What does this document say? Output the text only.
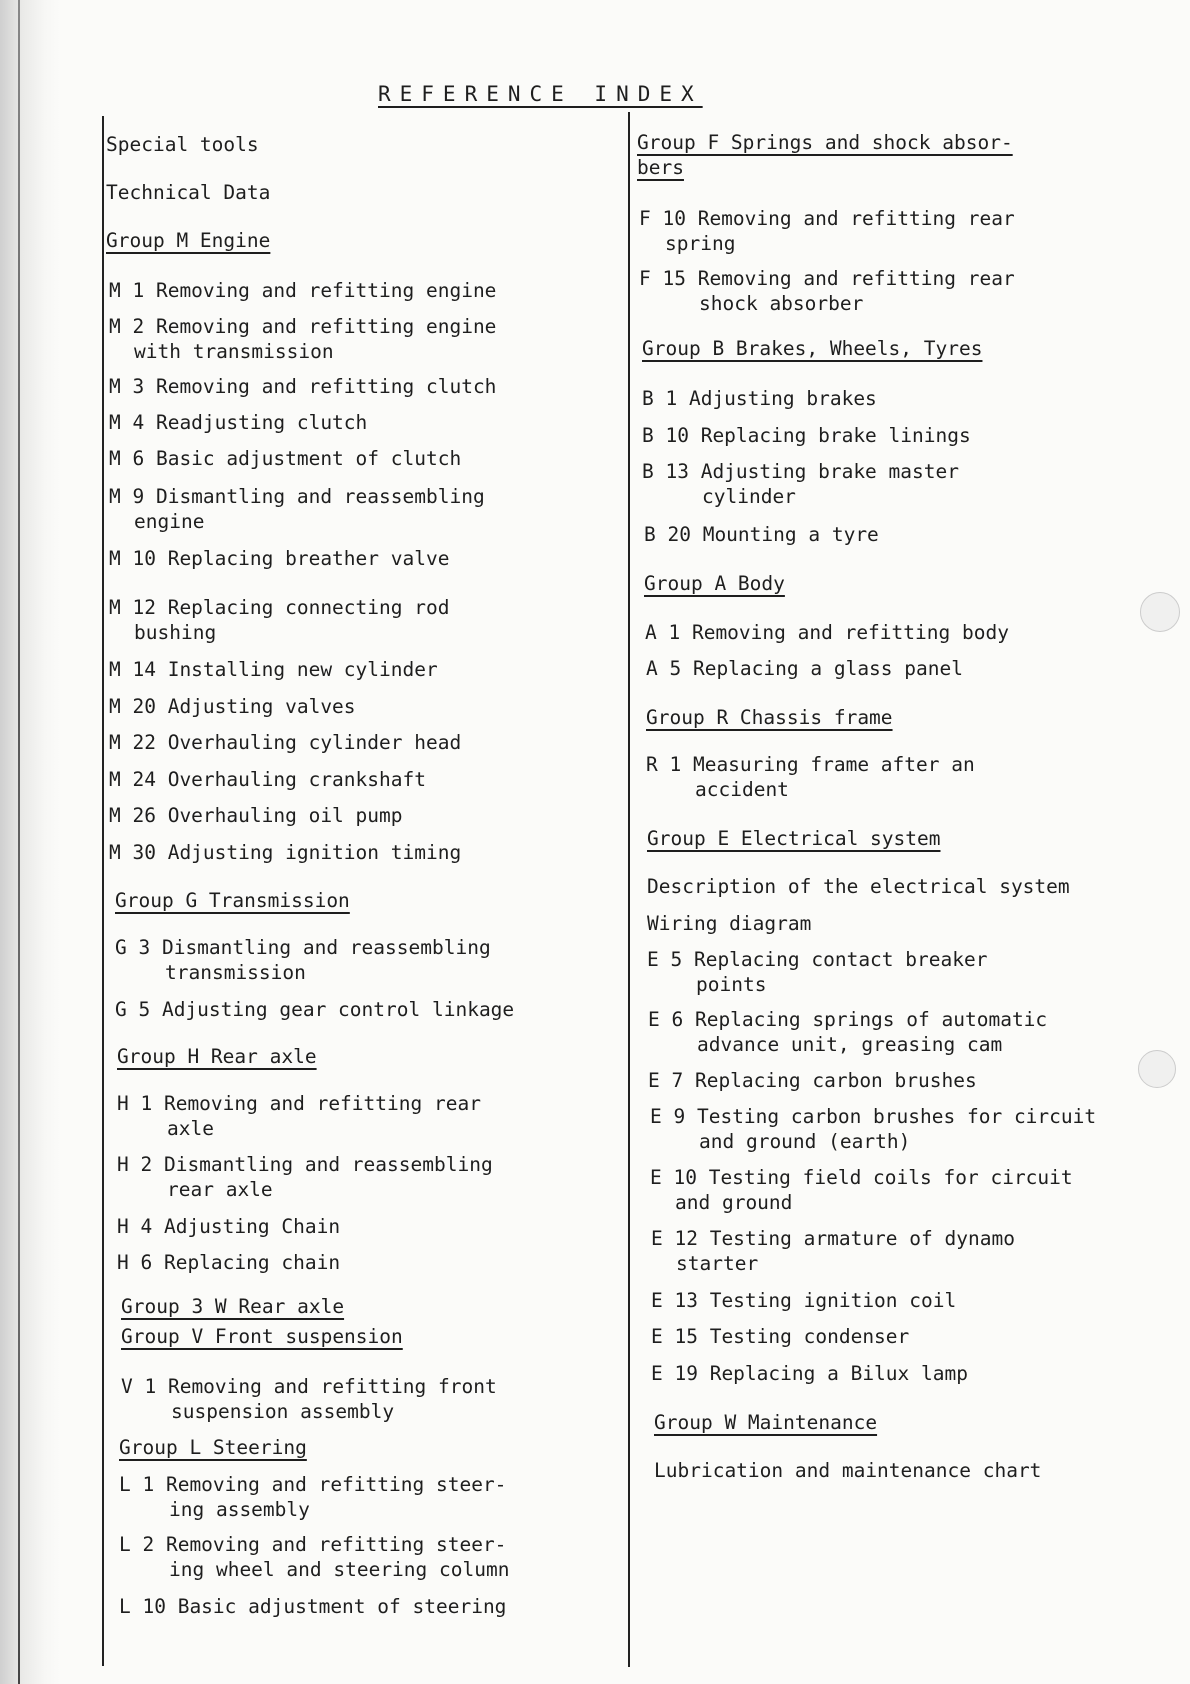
REFERENCE INDEX
Special tools
Technical Data
Group M Engine
M 1 Removing and refitting engine
M 2 Removing and refitting engine
with transmission
M 3 Removing and refitting clutch
M 4 Readjusting clutch
M 6 Basic adjustment of clutch
M 9 Dismantling and reassembling
engine
M 10 Replacing breather valve
M 12 Replacing connecting rod
bushing
M 14 Installing new cylinder
M 20 Adjusting valves
M 22 Overhauling cylinder head
M 24 Overhauling crankshaft
M 26 Overhauling oil pump
M 30 Adjusting ignition timing
Group G Transmission
G 3 Dismantling and reassembling
transmission
G 5 Adjusting gear control linkage
Group H Rear axle
H 1 Removing and refitting rear
axle
H 2 Dismantling and reassembling
rear axle
H 4 Adjusting Chain
H 6 Replacing chain
Group 3 W Rear axle
Group V Front suspension
V 1 Removing and refitting front
suspension assembly
Group L Steering
L 1 Removing and refitting steer-
ing assembly
L 2 Removing and refitting steer-
ing wheel and steering column
L 10 Basic adjustment of steering
Group F Springs and shock absor-
bers
F 10 Removing and refitting rear
spring
F 15 Removing and refitting rear
shock absorber
Group B Brakes, Wheels, Tyres
B 1 Adjusting brakes
B 10 Replacing brake linings
B 13 Adjusting brake master
cylinder
B 20 Mounting a tyre
Group A Body
A 1 Removing and refitting body
A 5 Replacing a glass panel
Group R Chassis frame
R 1 Measuring frame after an
accident
Group E Electrical system
Description of the electrical system
Wiring diagram
E 5 Replacing contact breaker
points
E 6 Replacing springs of automatic
advance unit, greasing cam
E 7 Replacing carbon brushes
E 9 Testing carbon brushes for circuit
and ground (earth)
E 10 Testing field coils for circuit
and ground
E 12 Testing armature of dynamo
starter
E 13 Testing ignition coil
E 15 Testing condenser
E 19 Replacing a Bilux lamp
Group W Maintenance
Lubrication and maintenance chart
